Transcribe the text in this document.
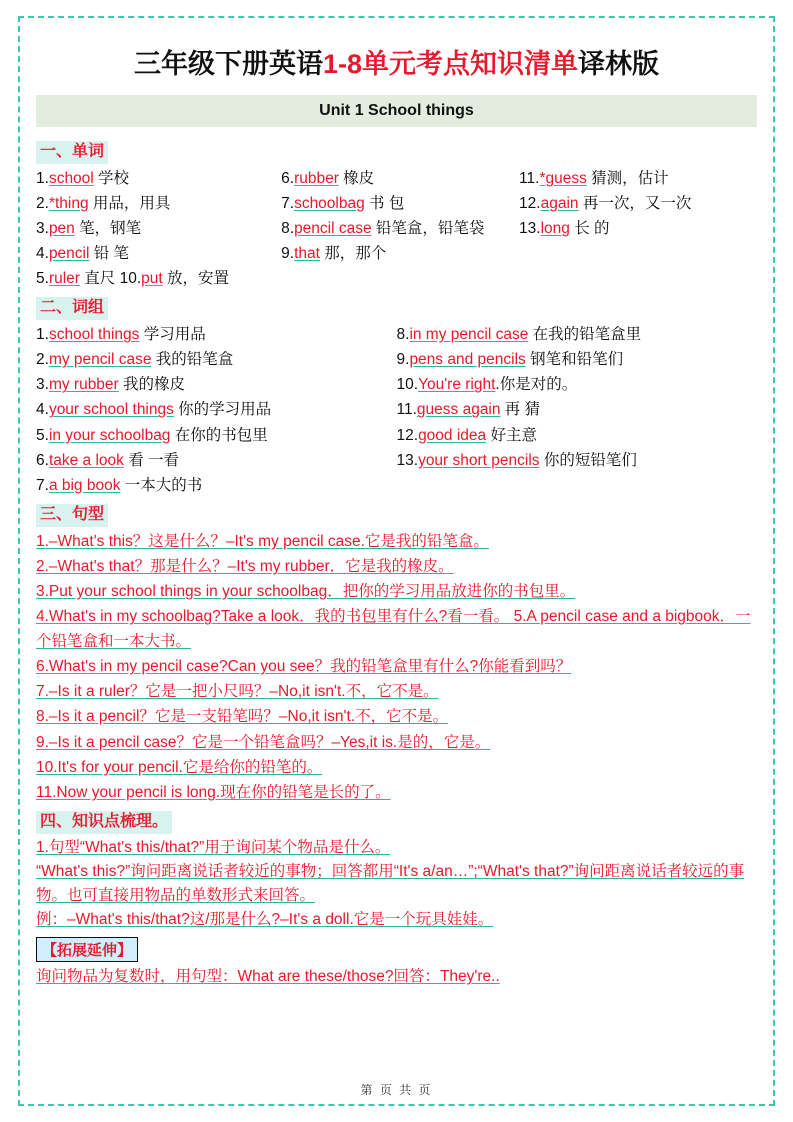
三年级下册英语1-8单元考点知识清单译林版
Unit 1 School things
一、单词
1.school 学校
2.*thing 用品，用具
3.pen 笔，钢笔
4.pencil 铅 笔
5.ruler 直尺 10.put 放，安置
6.rubber 橡皮
7.schoolbag 书 包
8.pencil case 铅笔盒，铅笔袋
9.that 那，那个
11.*guess 猜测，估计
12.again 再一次，又一次
13.long 长 的
二、词组
1.school things 学习用品
2.my pencil case 我的铅笔盒
3.my rubber 我的橡皮
4.your school things 你的学习用品
5.in your schoolbag 在你的书包里
6.take a look 看 一看
7.a big book 一本大的书
8.in my pencil case 在我的铅笔盒里
9.pens and pencils 钢笔和铅笔们
10.You're right.你是对的。
11.guess again 再 猜
12.good idea 好主意
13.your short pencils 你的短铅笔们
三、句型
1.–What's this？这是什么？–It's my pencil case.它是我的铅笔盒。
2.–What's that？那是什么？–It's my rubber．它是我的橡皮。
3.Put your school things in your schoolbag．把你的学习用品放进你的书包里。
4.What's in my schoolbag?Take a look．我的书包里有什么?看一看。 5.A pencil case and a bigbook．一个铅笔盒和一本大书。
6.What's in my pencil case?Can you see？我的铅笔盒里有什么?你能看到吗？
7.–Is it a ruler？它是一把小尺吗？–No,it isn't.不，它不是。
8.–Is it a pencil？它是一支铅笔吗？–No,it isn't.不，它不是。
9.–Is it a pencil case？它是一个铅笔盒吗？–Yes,it is.是的，它是。
10.It's for your pencil.它是给你的铅笔的。
11.Now your pencil is long.现在你的铅笔是长的了。
四、知识点梳理。
1.句型“What's this/that?”用于询问某个物品是什么。
“What's this?”询问距离说话者较近的事物；回答都用“It's a/an…”;“What's that?”询问距离说话者较远的事物。也可直接用物品的单数形式来回答。
例：–What's this/that?这/那是什么?–It's a doll.它是一个玩具娃娃。
【拓展延伸】
询问物品为复数时，用句型：What are these/those?回答：They're..
第 页 共 页
